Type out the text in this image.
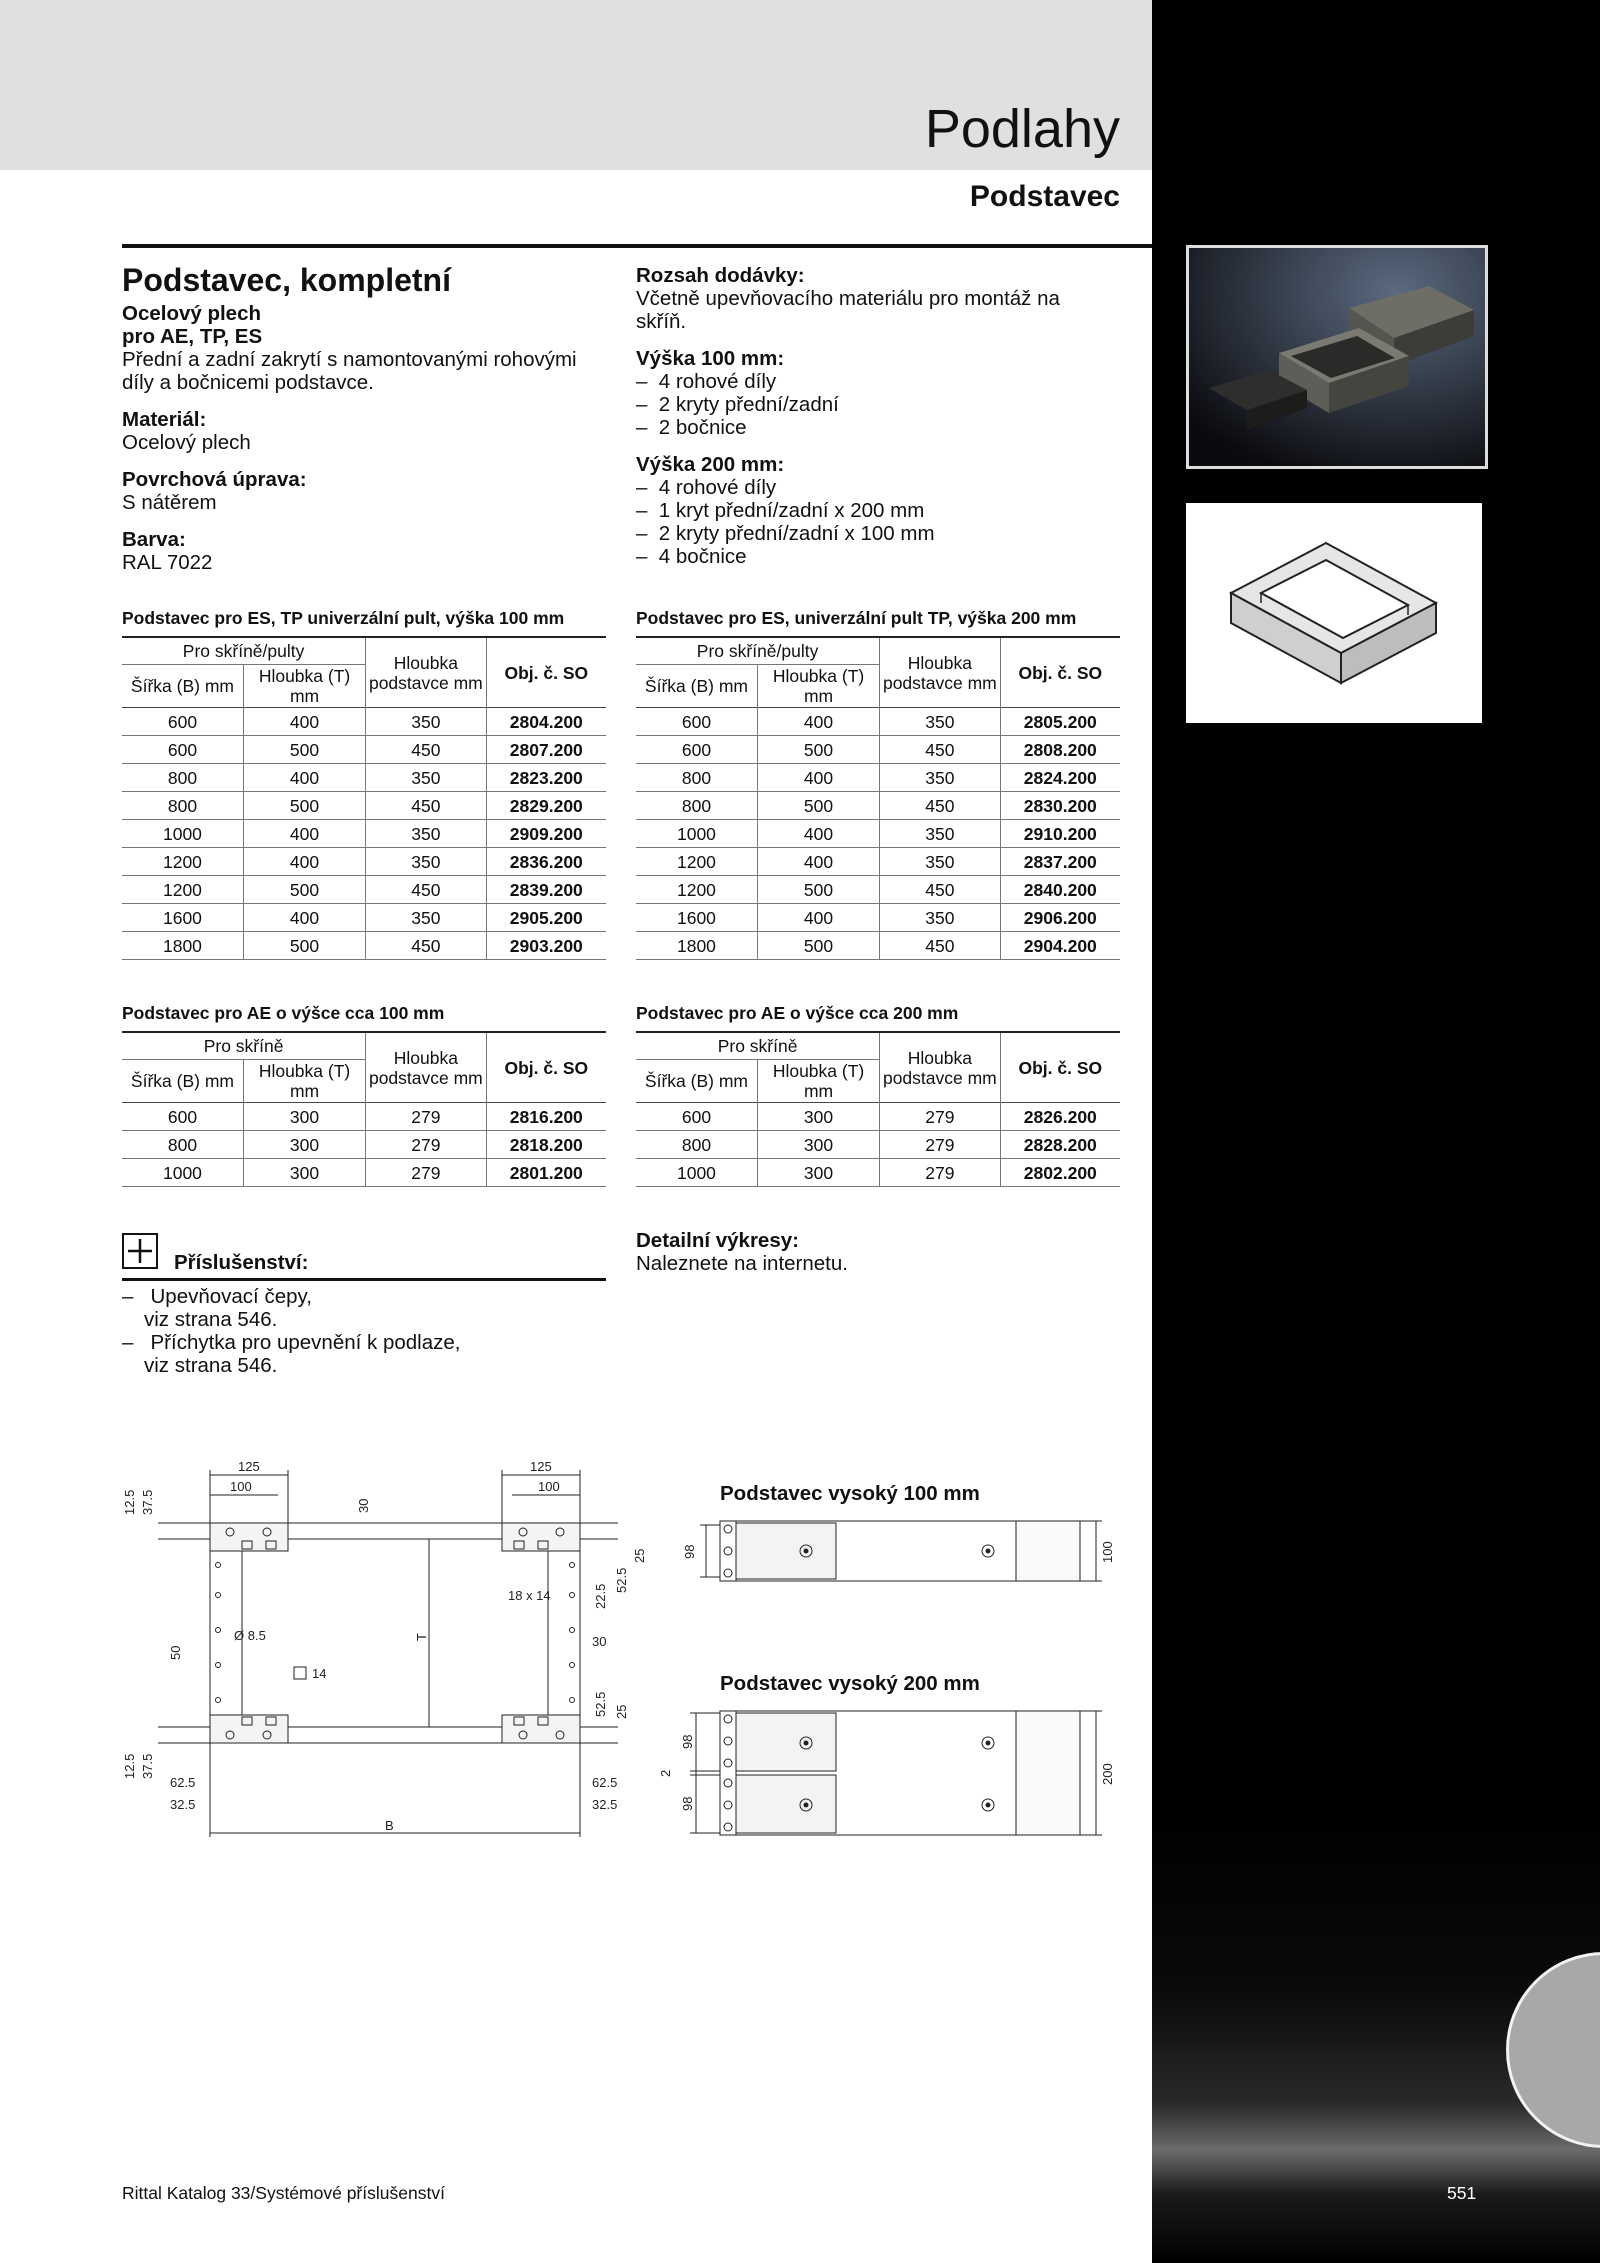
Podlahy
Podstavec
Podstavec, kompletní
Ocelový plech
pro AE, TP, ES

Přední a zadní zakrytí s namontovanými rohovými díly a bočnicemi podstavce.

Materiál:

Ocelový plech

Povrchová úprava:

S nátěrem

Barva:

RAL 7022

Rozsah dodávky:

Včetně upevňovacího materiálu pro montáž na skříň.

Výška 100 mm:
–  4 rohové díly
–  2 kryty přední/zadní

–  2 bočnice

Výška 200 mm:
–  4 rohové díly
–  1 kryt přední/zadní x 200 mm
–  2 kryty přední/zadní x 100 mm
–  4 bočnice
Podstavec pro ES, TP univerzální pult, výška 100 mm
Pro skříně/pulty		Hloubka podstavce mm	Obj. č. SO
Šířka (B) mm	Hloubka (T) mm		
600	400	350	2804.200
600	500	450	2807.200
800	400	350	2823.200
800	500	450	2829.200
1000	400	350	2909.200
1200	400	350	2836.200
1200	500	450	2839.200
1600	400	350	2905.200
1800	500	450	2903.200
Podstavec pro ES, univerzální pult TP, výška 200 mm
Pro skříně/pulty		Hloubka podstavce mm	Obj. č. SO
Šířka (B) mm	Hloubka (T) mm		
600	400	350	2805.200
600	500	450	2808.200
800	400	350	2824.200
800	500	450	2830.200
1000	400	350	2910.200
1200	400	350	2837.200
1200	500	450	2840.200
1600	400	350	2906.200
1800	500	450	2904.200
Podstavec pro AE o výšce cca 100 mm
Pro skříně		Hloubka podstavce mm	Obj. č. SO
Šířka (B) mm	Hloubka (T) mm		
600	300	279	2816.200
800	300	279	2818.200
1000	300	279	2801.200
Podstavec pro AE o výšce cca 200 mm
Pro skříně		Hloubka podstavce mm	Obj. č. SO
Šířka (B) mm	Hloubka (T) mm		
600	300	279	2826.200
800	300	279	2828.200
1000	300	279	2802.200
Příslušenství:
–   Upevňovací čepy,
viz strana 546.
–   Příchytka pro upevnění k podlaze,
viz strana 546.
Detailní výkresy:
Naleznete na internetu.
125
100
125
100
30
12.5 37.5
25
52.5
22.5
18 x 14
Ø 8.5
50
T	30
14
52.5 25
12.5 37.5
62.5
32.5
62.5
32.5
B
Podstavec vysoký 100 mm
98	100
Podstavec vysoký 200 mm
98
2
98
200
Rittal Katalog 33/Systémové příslušenství	551
